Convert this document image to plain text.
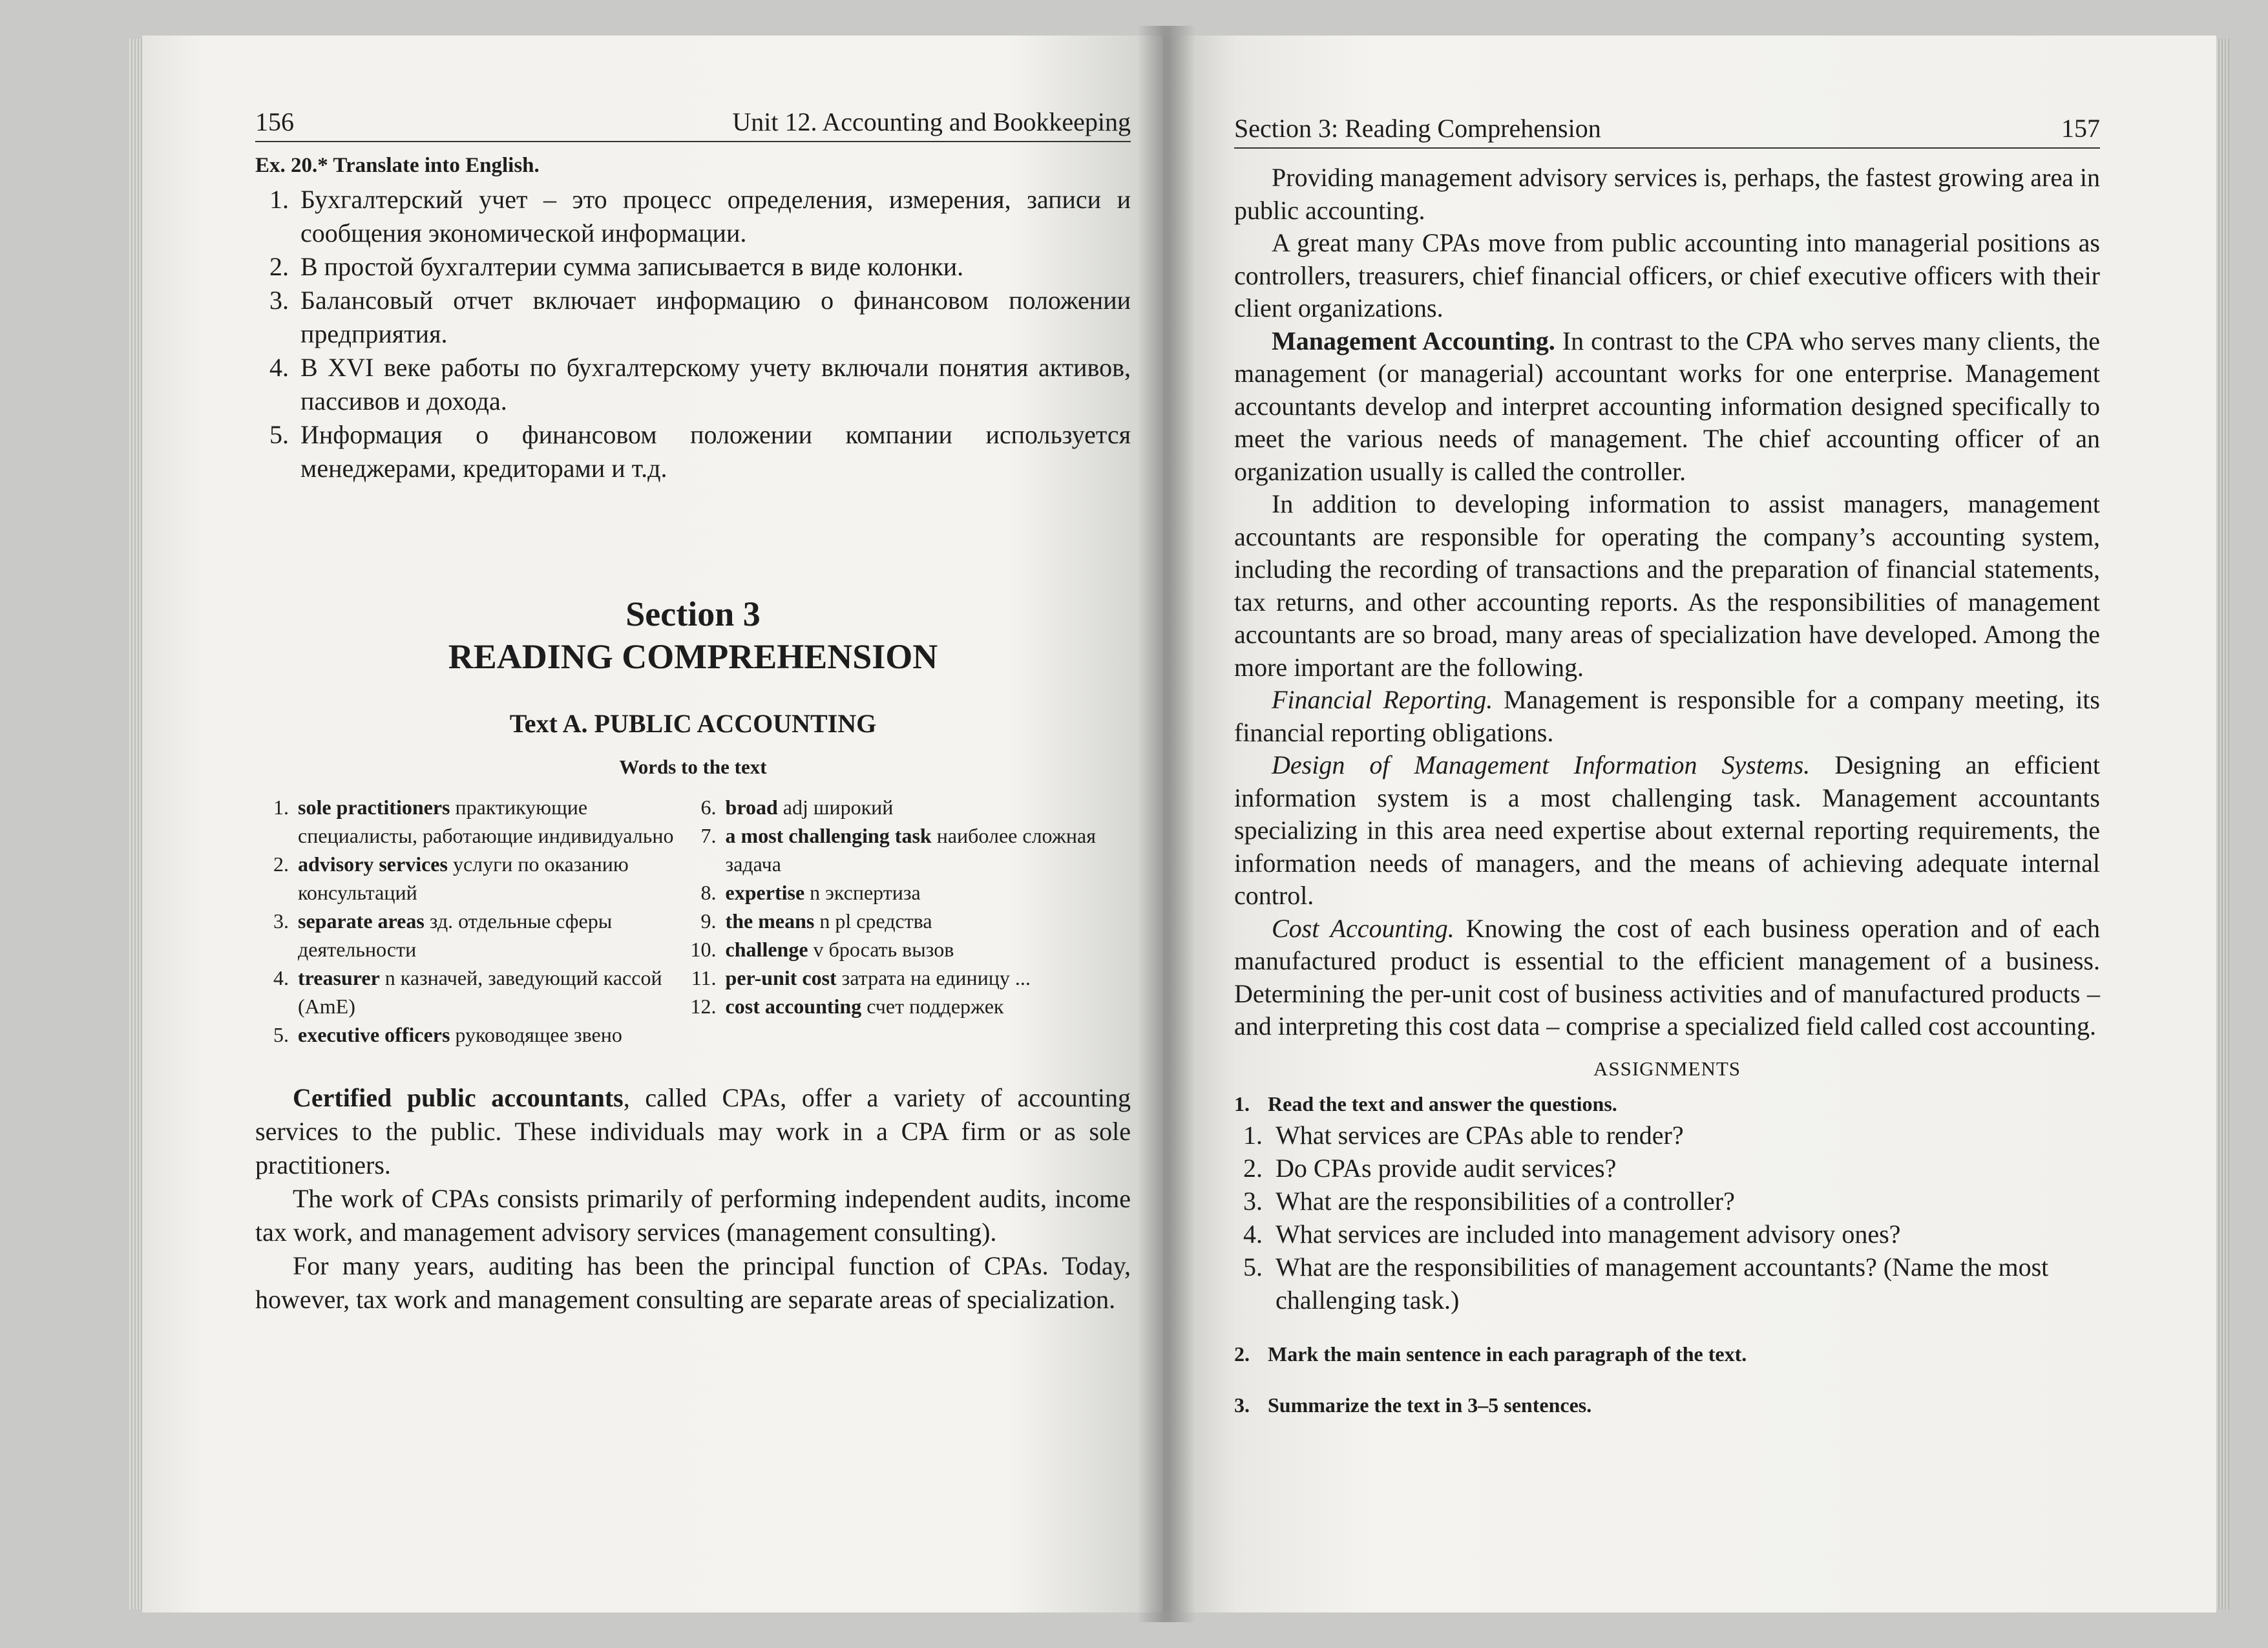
156	Unit 12. Accounting and Bookkeeping
Ex. 20.* Translate into English.
1. Бухгалтерский учет – это процесс определения, измерения, записи и сообщения экономической информации.
2. В простой бухгалтерии сумма записывается в виде колонки.
3. Балансовый отчет включает информацию о финансовом положении предприятия.
4. В XVI веке работы по бухгалтерскому учету включали понятия активов, пассивов и дохода.
5. Информация о финансовом положении компании используется менеджерами, кредиторами и т.д.
Section 3
READING COMPREHENSION
Text A. PUBLIC ACCOUNTING
Words to the text
1. sole practitioners практикующие специалисты, работающие индивидуально
2. advisory services услуги по оказанию консультаций
3. separate areas зд. отдельные сферы деятельности
4. treasurer n казначей, заведующий кассой (AmE)
5. executive officers руководящее звено
6. broad adj широкий
7. a most challenging task наиболее сложная задача
8. expertise n экспертиза
9. the means n pl средства
10. challenge v бросать вызов
11. per-unit cost затрата на единицу ...
12. cost accounting счет поддержек

Certified public accountants, called CPAs, offer a variety of accounting services to the public. These individuals may work in a CPA firm or as sole practitioners.

The work of CPAs consists primarily of performing independent audits, income tax work, and management advisory services (management consulting).

For many years, auditing has been the principal function of CPAs. Today, however, tax work and management consulting are separate areas of specialization.

Section 3: Reading Comprehension	157

Providing management advisory services is, perhaps, the fastest growing area in public accounting.

A great many CPAs move from public accounting into managerial positions as controllers, treasurers, chief financial officers, or chief executive officers with their client organizations.

Management Accounting. In contrast to the CPA who serves many clients, the management (or managerial) accountant works for one enterprise. Management accountants develop and interpret accounting information designed specifically to meet the various needs of management. The chief accounting officer of an organization usually is called the controller.

In addition to developing information to assist managers, management accountants are responsible for operating the company’s accounting system, including the recording of transactions and the preparation of financial statements, tax returns, and other accounting reports. As the responsibilities of management accountants are so broad, many areas of specialization have developed. Among the more important are the following.

Financial Reporting. Management is responsible for a company meeting, its financial reporting obligations.

Design of Management Information Systems. Designing an efficient information system is a most challenging task. Management accountants specializing in this area need expertise about external reporting requirements, the information needs of managers, and the means of achieving adequate internal control.

Cost Accounting. Knowing the cost of each business operation and of each manufactured product is essential to the efficient management of a business. Determining the per-unit cost of business activities and of manufactured products – and interpreting this cost data – comprise a specialized field called cost accounting.

ASSIGNMENTS
1. Read the text and answer the questions.
1. What services are CPAs able to render?
2. Do CPAs provide audit services?
3. What are the responsibilities of a controller?
4. What services are included into management advisory ones?
5. What are the responsibilities of management accountants? (Name the most challenging task.)
2. Mark the main sentence in each paragraph of the text.
3. Summarize the text in 3–5 sentences.
